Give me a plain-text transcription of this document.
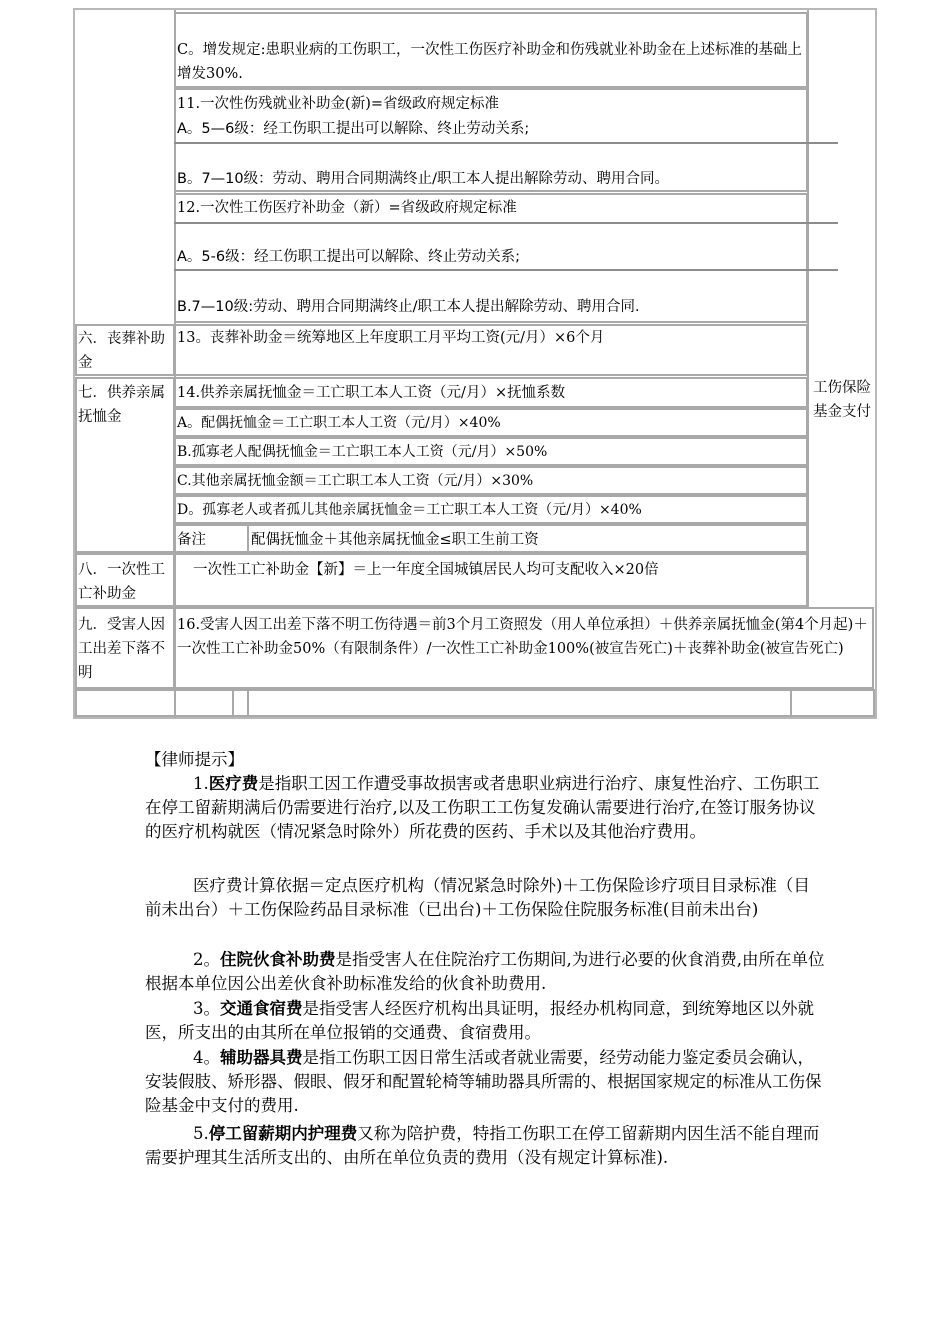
C。增发规定:患职业病的工伤职工，一次性工伤医疗补助金和伤残就业补助金在上述标准的基础上增发30%.
11.一次性伤残就业补助金(新)=省级政府规定标准
A。5—6级：经工伤职工提出可以解除、终止劳动关系;
B。7—10级：劳动、聘用合同期满终止/职工本人提出解除劳动、聘用合同。
12.一次性工伤医疗补助金（新）=省级政府规定标准
A。5-6级：经工伤职工提出可以解除、终止劳动关系;
B.7—10级:劳动、聘用合同期满终止/职工本人提出解除劳动、聘用合同.
六．丧葬补助金
13。丧葬补助金＝统筹地区上年度职工月平均工资(元/月）×6个月
七．供养亲属抚恤金
14.供养亲属抚恤金＝工亡职工本人工资（元/月）×抚恤系数
A。配偶抚恤金＝工亡职工本人工资（元/月）×40%
B.孤寡老人配偶抚恤金＝工亡职工本人工资（元/月）×50%
C.其他亲属抚恤金额＝工亡职工本人工资（元/月）×30%
D。孤寡老人或者孤儿其他亲属抚恤金＝工亡职工本人工资（元/月）×40%
备注	配偶抚恤金＋其他亲属抚恤金≤职工生前工资
工伤保险基金支付
八．一次性工亡补助金
一次性工亡补助金【新】＝上一年度全国城镇居民人均可支配收入×20倍
九．受害人因工出差下落不明
16.受害人因工出差下落不明工伤待遇＝前3个月工资照发（用人单位承担）＋供养亲属抚恤金(第4个月起)＋一次性工亡补助金50%（有限制条件）/一次性工亡补助金100%(被宣告死亡)＋丧葬补助金(被宣告死亡)
【律师提示】
1.医疗费是指职工因工作遭受事故损害或者患职业病进行治疗、康复性治疗、工伤职工在停工留薪期满后仍需要进行治疗,以及工伤职工工伤复发确认需要进行治疗,在签订服务协议的医疗机构就医（情况紧急时除外）所花费的医药、手术以及其他治疗费用。
医疗费计算依据＝定点医疗机构（情况紧急时除外)＋工伤保险诊疗项目目录标准（目前未出台）＋工伤保险药品目录标准（已出台)＋工伤保险住院服务标准(目前未出台)
2。住院伙食补助费是指受害人在住院治疗工伤期间,为进行必要的伙食消费,由所在单位根据本单位因公出差伙食补助标准发给的伙食补助费用.
3。交通食宿费是指受害人经医疗机构出具证明，报经办机构同意，到统筹地区以外就医，所支出的由其所在单位报销的交通费、食宿费用。
4。辅助器具费是指工伤职工因日常生活或者就业需要，经劳动能力鉴定委员会确认，安装假肢、矫形器、假眼、假牙和配置轮椅等辅助器具所需的、根据国家规定的标准从工伤保险基金中支付的费用.
5.停工留薪期内护理费又称为陪护费，特指工伤职工在停工留薪期内因生活不能自理而需要护理其生活所支出的、由所在单位负责的费用（没有规定计算标准).
